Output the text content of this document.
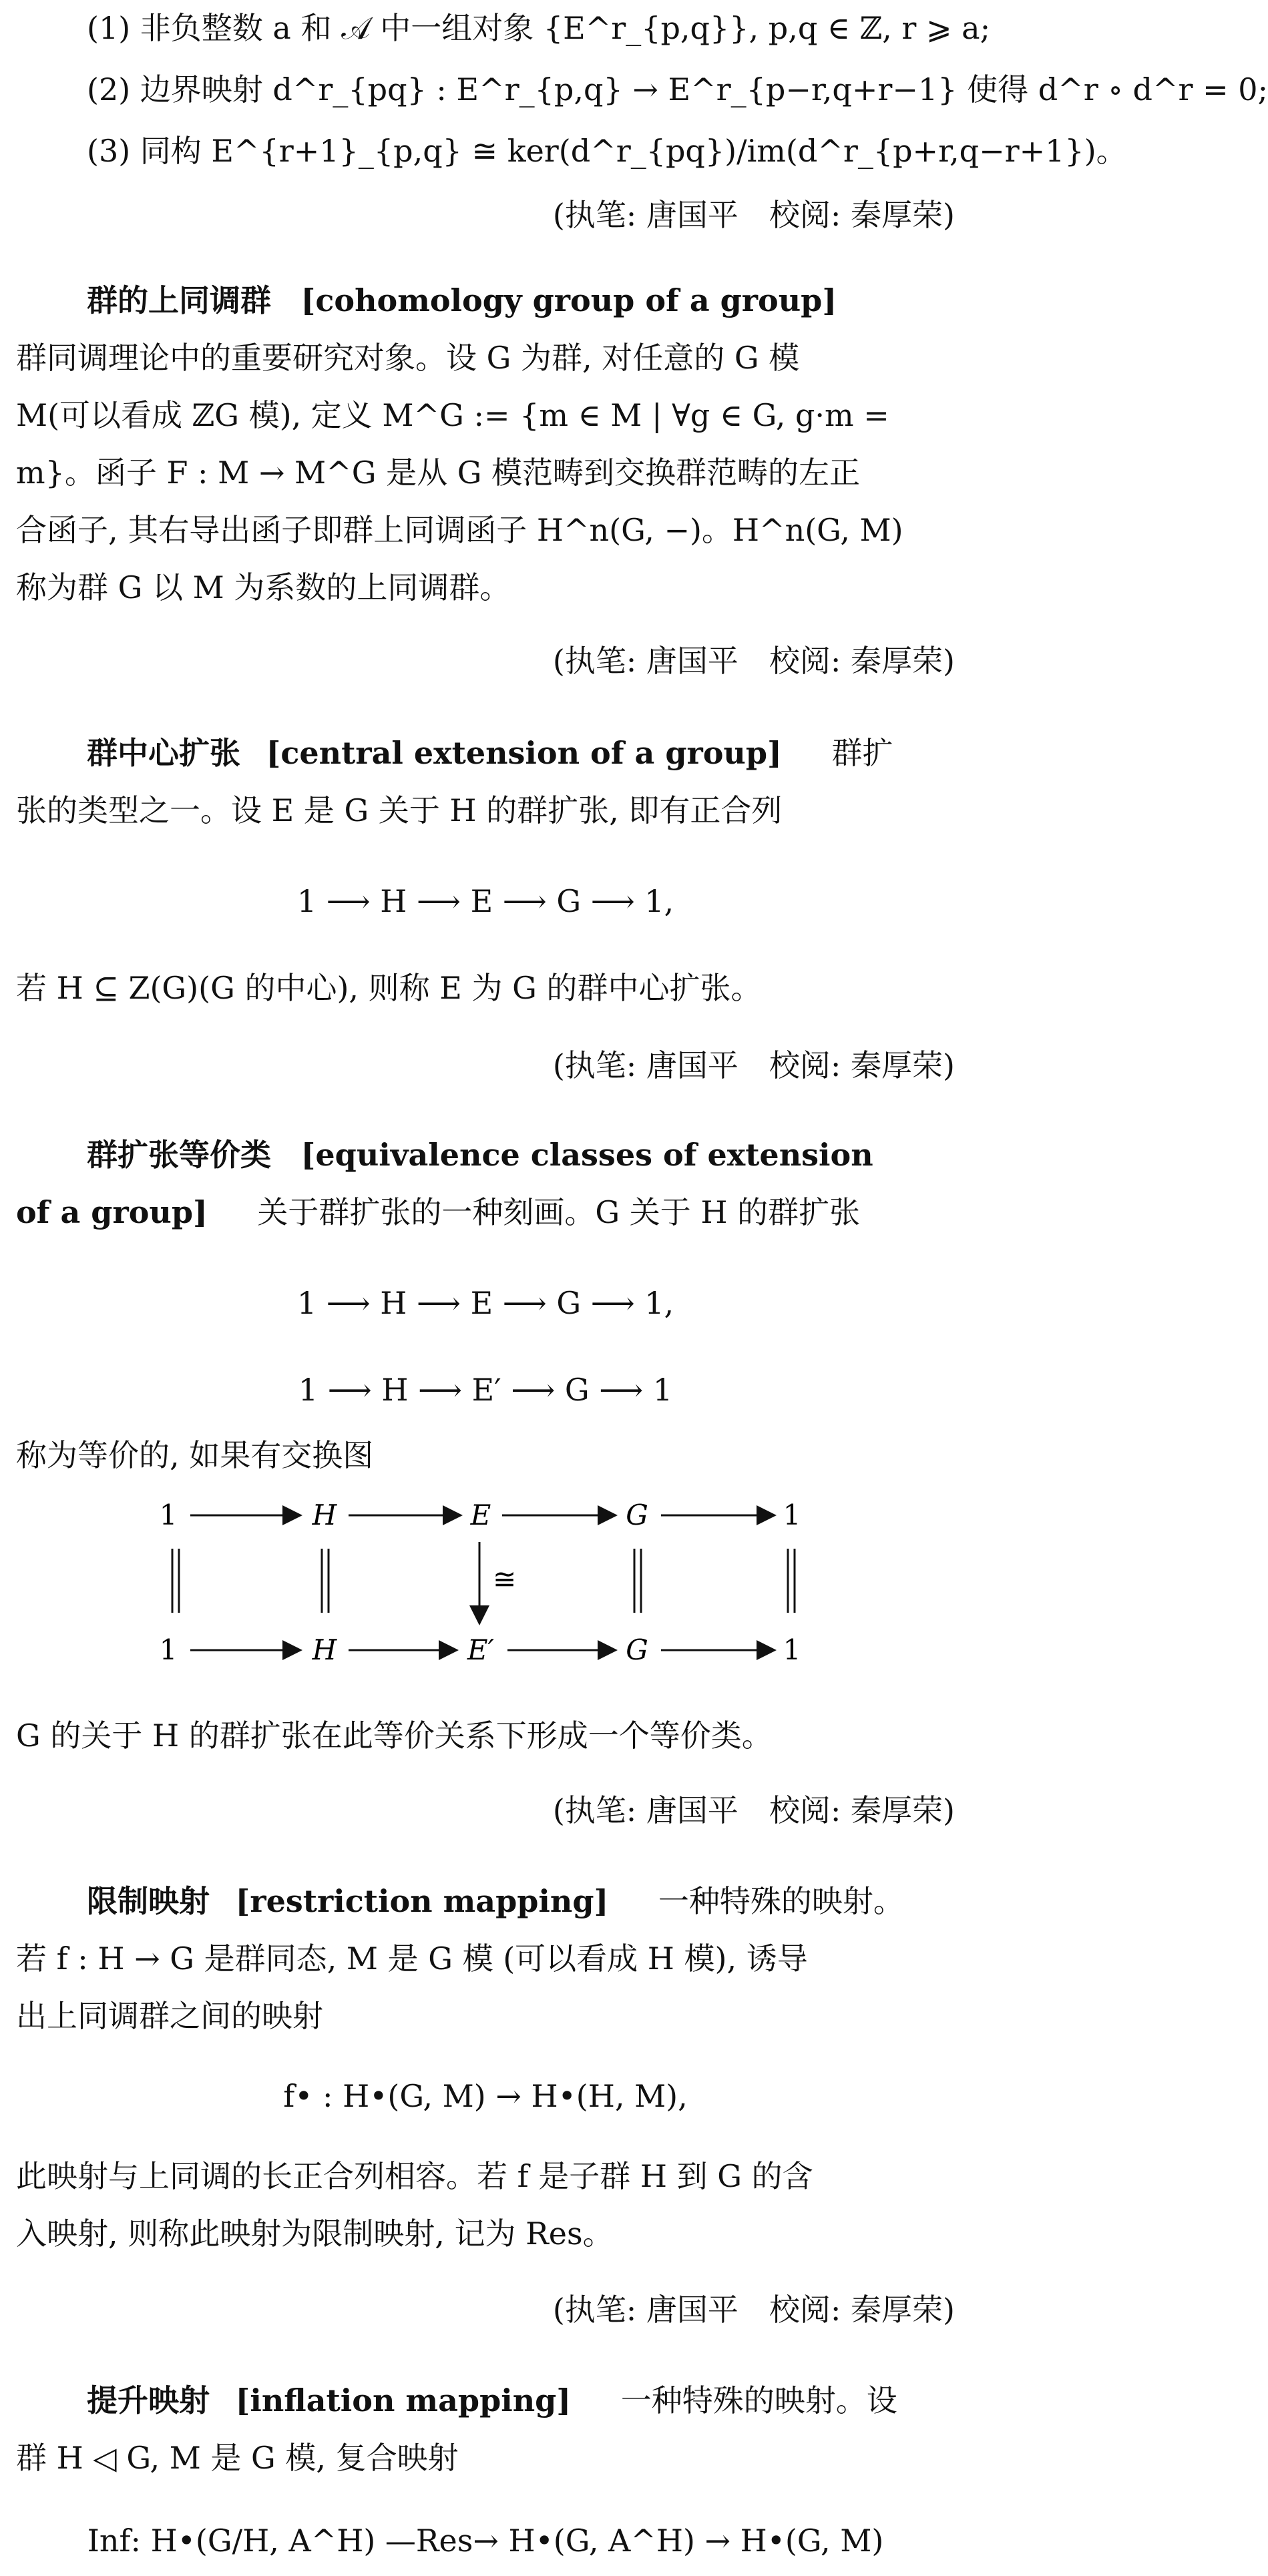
(1) 非负整数 a 和 𝒜 中一组对象 {E^r_{p,q}}, p,q ∈ ℤ, r ⩾ a;
(2) 边界映射 d^r_{pq} : E^r_{p,q} → E^r_{p−r,q+r−1} 使得 d^r ∘ d^r = 0;
(3) 同构 E^{r+1}_{p,q} ≅ ker(d^r_{pq})/im(d^r_{p+r,q−r+1})。
(执笔: 唐国平　校阅: 秦厚荣)
群的上同调群 [cohomology group of a group]
群同调理论中的重要研究对象。设 G 为群, 对任意的 G 模
M(可以看成 ℤG 模), 定义 M^G := {m ∈ M | ∀g ∈ G, g·m =
m}。函子 F : M → M^G 是从 G 模范畴到交换群范畴的左正
合函子, 其右导出函子即群上同调函子 H^n(G, −)。H^n(G, M)
称为群 G 以 M 为系数的上同调群。
(执笔: 唐国平　校阅: 秦厚荣)
群中心扩张 [central extension of a group] 群扩
张的类型之一。设 E 是 G 关于 H 的群扩张, 即有正合列
1 ⟶ H ⟶ E ⟶ G ⟶ 1,
若 H ⊆ Z(G)(G 的中心), 则称 E 为 G 的群中心扩张。
(执笔: 唐国平　校阅: 秦厚荣)
群扩张等价类 [equivalence classes of extension
of a group] 关于群扩张的一种刻画。G 关于 H 的群扩张
1 ⟶ H ⟶ E ⟶ G ⟶ 1,
1 ⟶ H ⟶ E′ ⟶ G ⟶ 1
称为等价的, 如果有交换图
1	H	E	G	1
≅
1	H	E′	G	1
G 的关于 H 的群扩张在此等价关系下形成一个等价类。
(执笔: 唐国平　校阅: 秦厚荣)
限制映射 [restriction mapping] 一种特殊的映射。
若 f : H → G 是群同态, M 是 G 模 (可以看成 H 模), 诱导
出上同调群之间的映射
f• : H•(G, M) → H•(H, M),
此映射与上同调的长正合列相容。若 f 是子群 H 到 G 的含
入映射, 则称此映射为限制映射, 记为 Res。
(执笔: 唐国平　校阅: 秦厚荣)
提升映射 [inflation mapping] 一种特殊的映射。设
群 H ◁ G, M 是 G 模, 复合映射
Inf: H•(G/H, A^H) —Res→ H•(G, A^H) → H•(G, M)
